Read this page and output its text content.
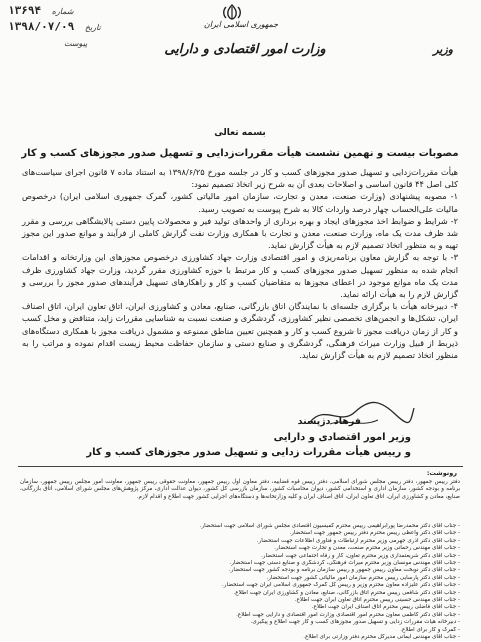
جمهوری اسلامی ایران
وزارت امور اقتصادی و دارایی	وزیر
۱۳۶۹۴ شماره
۱۳۹۸/۰۷/۰۹ تاریخ
پیوست
بسمه تعالی
مصوبات بیست و نهمین نشست هیأت مقررات‌زدایی و تسهیل صدور مجوزهای کسب و کار

هیأت مقررات‌زدایی و تسهیل صدور مجوزهای کسب و کار در جلسه مورخ ۱۳۹۸/۶/۲۵ به استناد ماده ۷ قانون اجرای سیاست‌های کلی اصل ۴۴ قانون اساسی و اصلاحات بعدی آن به شرح زیر اتخاذ تصمیم نمود:

۱- مصوبه پیشنهادی (وزارت صنعت، معدن و تجارت، سازمان امور مالیاتی کشور، گمرک جمهوری اسلامی ایران) درخصوص مالیات علی‌الحساب چهار درصد واردات کالا به شرح پیوست به تصویب رسید.

۲- شرایط و ضوابط اخذ مجوزهای ایجاد و بهره برداری از واحدهای تولید فیر و محصولات پایین دستی پالایشگاهی بررسی و مقرر شد ظرف مدت یک ماه، وزارت صنعت، معدن و تجارت با همکاری وزارت نفت گزارش کاملی از فرآیند و موانع صدور این مجوز تهیه و به منظور اتخاذ تصمیم لازم به هیأت گزارش نماید.

۳- با توجه به گزارش معاون برنامه‌ریزی و امور اقتصادی وزارت جهاد کشاورزی درخصوص مجوزهای این وزارتخانه و اقدامات انجام شده به منظور تسهیل صدور مجوزهای کسب و کار مرتبط با حوزه کشاورزی مقرر گردید، وزارت جهاد کشاورزی ظرف مدت یک ماه موانع موجود در اعطای مجوزها به متقاضیان کسب و کار و راهکارهای تسهیل فرآیندهای صدور مجوز را بررسی و گزارش لازم را به هیأت ارائه نماید.

۴- دبیرخانه هیأت با برگزاری جلسه‌ای با نمایندگان اتاق بازرگانی، صنایع، معادن و کشاورزی ایران، اتاق تعاون ایران، اتاق اصناف ایران، تشکل‌ها و انجمن‌های تخصصی نظیر کشاورزی، گردشگری و صنعت نسبت به شناسایی مقررات زاید، متناقض و مخل کسب و کار از زمان دریافت مجوز تا شروع کسب و کار و همچنین تعیین مناطق ممنوعه و مشمول دریافت مجوز با همکاری دستگاه‌های ذیربط از قبیل وزارت میراث فرهنگی، گردشگری و صنایع دستی و سازمان حفاظت محیط زیست اقدام نموده و مراتب را به منظور اتخاذ تصمیم لازم به هیأت گزارش نماید.

فرهاد دژپسند
وزیر امور اقتصادی و دارایی
و رییس هیأت مقررات زدایی و تسهیل صدور مجوزهای کسب و کار
رونوشت:
دفتر رییس جمهور، دفتر رییس مجلس شورای اسلامی، دفتر رییس قوه قضاییه، دفتر معاون اول رییس جمهور، معاونت حقوقی رییس جمهور، معاونت امور مجلس رییس جمهور، سازمان برنامه و بودجه کشور، سازمان اداری و استخدامی کشور، دیوان محاسبات کشور، سازمان بازرسی کل کشور، دیوان عدالت اداری، مرکز پژوهش‌های مجلس شورای اسلامی، اتاق بازرگانی، صنایع، معادن و کشاورزی ایران، اتاق تعاون ایران، اتاق اصناف ایران و کلیه وزارتخانه‌ها و دستگاه‌های اجرایی کشور جهت اطلاع و اقدام لازم.
- جناب آقای دکتر محمدرضا پورابراهیمی رییس محترم کمیسیون اقتصادی مجلس شورای اسلامی جهت استحضار.
- جناب آقای دکتر واعظی رییس محترم دفتر رییس جمهور جهت استحضار.
- جناب آقای دکتر آذری جهرمی وزیر محترم ارتباطات و فناوری اطلاعات جهت استحضار.
- جناب آقای مهندس رحمانی وزیر محترم صنعت، معدن و تجارت جهت استحضار.
- جناب آقای دکتر شریعتمداری وزیر محترم تعاون، کار و رفاه اجتماعی جهت استحضار.
- جناب آقای مهندس مونسان وزیر محترم میراث فرهنگی، گردشگری و صنایع دستی جهت استحضار.
- جناب آقای دکتر نوبخت معاون رییس جمهور و رییس سازمان برنامه و بودجه کشور جهت استحضار.
- جناب آقای دکتر پارسایی رییس محترم سازمان امور مالیاتی کشور جهت استحضار.
- جناب آقای دکتر علیزاده معاون محترم وزیر و رییس کل گمرک جمهوری اسلامی ایران جهت استحضار.
- جناب آقای دکتر شافعی رییس محترم اتاق بازرگانی، صنایع، معادن و کشاورزی ایران جهت اطلاع.
- جناب آقای مهندس حسینی رییس محترم اتاق تعاون ایران جهت اطلاع.
- جناب آقای فاضلی رییس محترم اتاق اصناف ایران جهت اطلاع.
- جناب آقای دکتر کاظمی معاون محترم امور اقتصادی وزارت امور اقتصادی و دارایی جهت اطلاع.
- دبیرخانه هیأت مقررات زدایی و تسهیل صدور مجوزهای کسب و کار جهت اطلاع و پیگیری.
- گمرک و کار برای اطلاع.
- جناب آقای مهندس ایمانی مدیرکل محترم دفتر وزارتی برای اطلاع.
